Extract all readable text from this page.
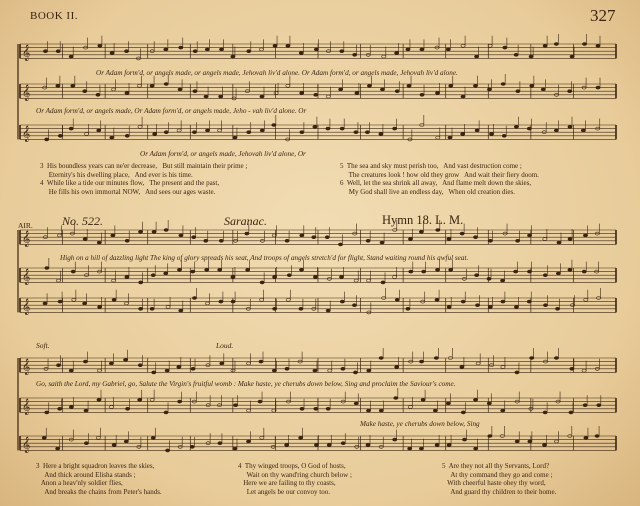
𝄞
𝄞
𝄞
𝄞
𝄞
𝄞
𝄞
𝄞
𝄞
BOOK II.	327
Or Adam form'd, or angels made, or angels made, Jehovah liv'd alone. Or Adam form'd, or angels made, Jehovah liv'd alone.
Or Adam form'd, or angels made, Or Adam form'd, or angels made, Jeho - vah liv'd alone. Or
Or Adam form'd, or angels made, Jehovah liv'd alone, Or
3  His boundless years can ne'er decrease,   But still maintain their prime ;
Eternity's his dwelling place,   And ever is his time.
4  While like a tide our minutes flow,   The present and the past,
He fills his own immortal NOW,   And sees our ages waste.
5  The sea and sky must perish too,   And vast destruction come ;
The creatures look ! how old they grow   And wait their fiery doom.
6  Well, let the sea shrink all away,   And flame melt down the skies,
My God shall live an endless day,   When old creation dies.
AIR. No. 522.	Saranac.	Hymn 18. L. M.
High on a hill of dazzling light The king of glory spreads his seat, And troops of angels stretch'd for flight, Stand waiting round his awful seat.
Soft.	Loud.
Go, saith the Lord, my Gabriel, go, Salute the Virgin's fruitful womb : Make haste, ye cherubs down below, Sing and proclaim the Saviour's come.
Make haste, ye cherubs down below, Sing
3  Here a bright squadron leaves the skies,
And thick around Elisha stands ;
Anon a heav'nly soldier flies,
And breaks the chains from Peter's hands.
4  Thy winged troops, O God of hosts,
Wait on thy wand'ring church below ;
Here we are failing to thy coasts,
Let angels be our convoy too.
5  Are they not all thy Servants, Lord?
At thy command they go and come ;
With cheerful haste obey thy word,
And guard thy children to their home.
